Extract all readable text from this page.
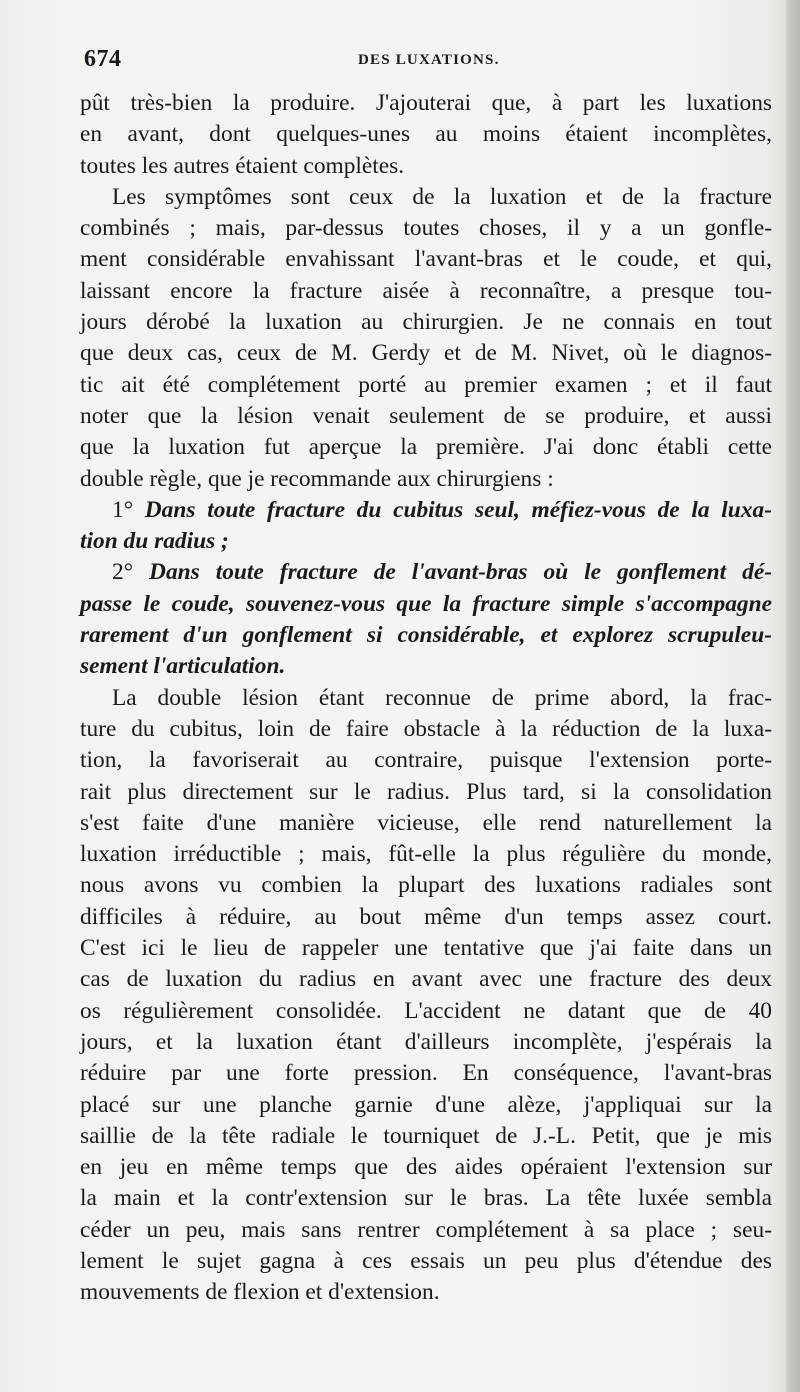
674	DES LUXATIONS.
pût très-bien la produire. J'ajouterai que, à part les luxations
en avant, dont quelques-unes au moins étaient incomplètes,
toutes les autres étaient complètes.
Les symptômes sont ceux de la luxation et de la fracture
combinés ; mais, par-dessus toutes choses, il y a un gonfle-
ment considérable envahissant l'avant-bras et le coude, et qui,
laissant encore la fracture aisée à reconnaître, a presque tou-
jours dérobé la luxation au chirurgien. Je ne connais en tout
que deux cas, ceux de M. Gerdy et de M. Nivet, où le diagnos-
tic ait été complétement porté au premier examen ; et il faut
noter que la lésion venait seulement de se produire, et aussi
que la luxation fut aperçue la première. J'ai donc établi cette
double règle, que je recommande aux chirurgiens :
1° Dans toute fracture du cubitus seul, méfiez-vous de la luxa-
tion du radius ;
2° Dans toute fracture de l'avant-bras où le gonflement dé-
passe le coude, souvenez-vous que la fracture simple s'accompagne
rarement d'un gonflement si considérable, et explorez scrupuleu-
sement l'articulation.
La double lésion étant reconnue de prime abord, la frac-
ture du cubitus, loin de faire obstacle à la réduction de la luxa-
tion, la favoriserait au contraire, puisque l'extension porte-
rait plus directement sur le radius. Plus tard, si la consolidation
s'est faite d'une manière vicieuse, elle rend naturellement la
luxation irréductible ; mais, fût-elle la plus régulière du monde,
nous avons vu combien la plupart des luxations radiales sont
difficiles à réduire, au bout même d'un temps assez court.
C'est ici le lieu de rappeler une tentative que j'ai faite dans un
cas de luxation du radius en avant avec une fracture des deux
os régulièrement consolidée. L'accident ne datant que de 40
jours, et la luxation étant d'ailleurs incomplète, j'espérais la
réduire par une forte pression. En conséquence, l'avant-bras
placé sur une planche garnie d'une alèze, j'appliquai sur la
saillie de la tête radiale le tourniquet de J.-L. Petit, que je mis
en jeu en même temps que des aides opéraient l'extension sur
la main et la contr'extension sur le bras. La tête luxée sembla
céder un peu, mais sans rentrer complétement à sa place ; seu-
lement le sujet gagna à ces essais un peu plus d'étendue des
mouvements de flexion et d'extension.
